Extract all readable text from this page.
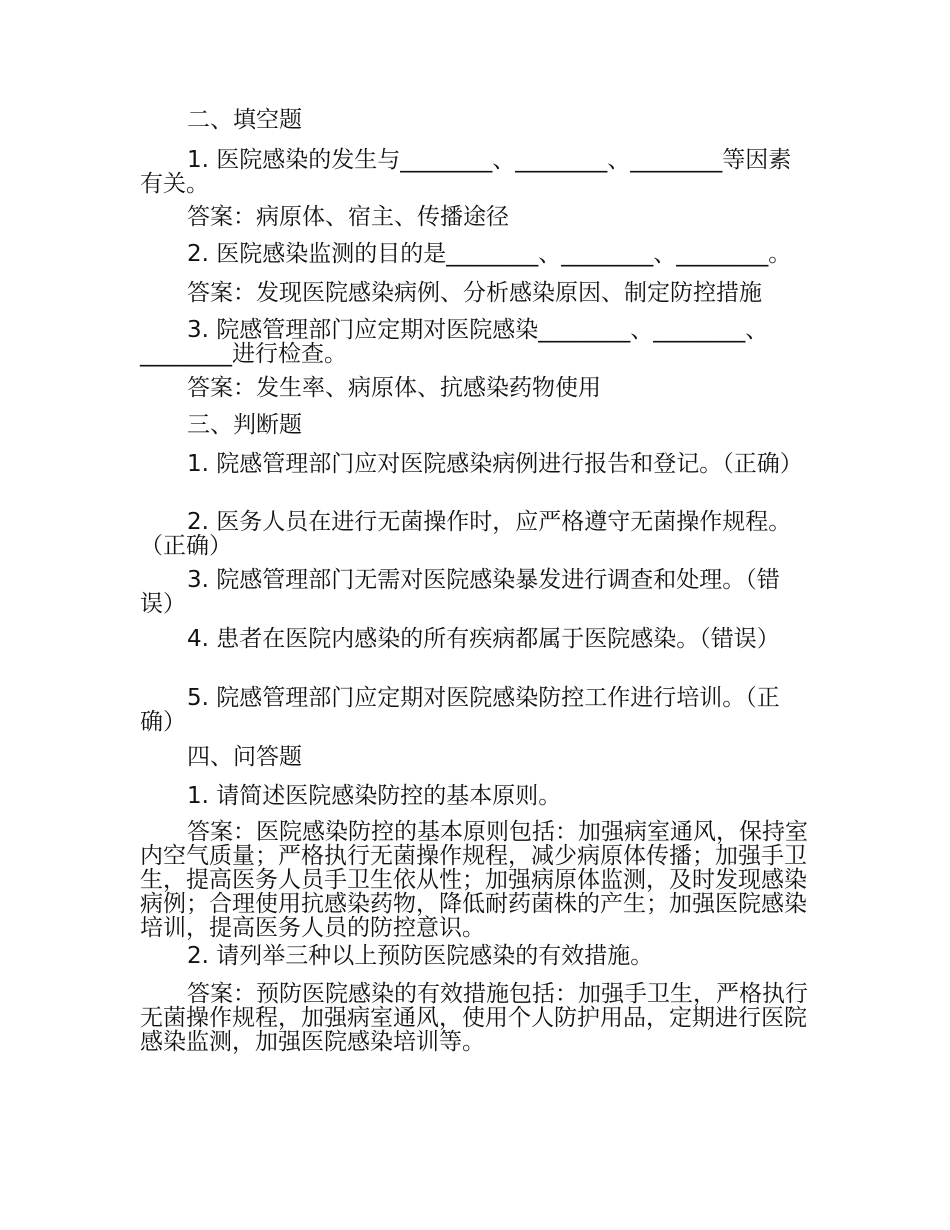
二、填空题

1. 医院感染的发生与________、________、________等因素有关。

答案：病原体、宿主、传播途径

2. 医院感染监测的目的是________、________、________。

答案：发现医院感染病例、分析感染原因、制定防控措施

3. 院感管理部门应定期对医院感染________、________、________进行检查。

答案：发生率、病原体、抗感染药物使用

三、判断题

1. 院感管理部门应对医院感染病例进行报告和登记。（正确）

2. 医务人员在进行无菌操作时，应严格遵守无菌操作规程。（正确）

3. 院感管理部门无需对医院感染暴发进行调查和处理。（错误）

4. 患者在医院内感染的所有疾病都属于医院感染。（错误）

5. 院感管理部门应定期对医院感染防控工作进行培训。（正确）

四、问答题

1. 请简述医院感染防控的基本原则。

答案：医院感染防控的基本原则包括：加强病室通风，保持室内空气质量；严格执行无菌操作规程，减少病原体传播；加强手卫生，提高医务人员手卫生依从性；加强病原体监测，及时发现感染病例；合理使用抗感染药物，降低耐药菌株的产生；加强医院感染培训，提高医务人员的防控意识。

2. 请列举三种以上预防医院感染的有效措施。

答案：预防医院感染的有效措施包括：加强手卫生，严格执行无菌操作规程，加强病室通风，使用个人防护用品，定期进行医院感染监测，加强医院感染培训等。
